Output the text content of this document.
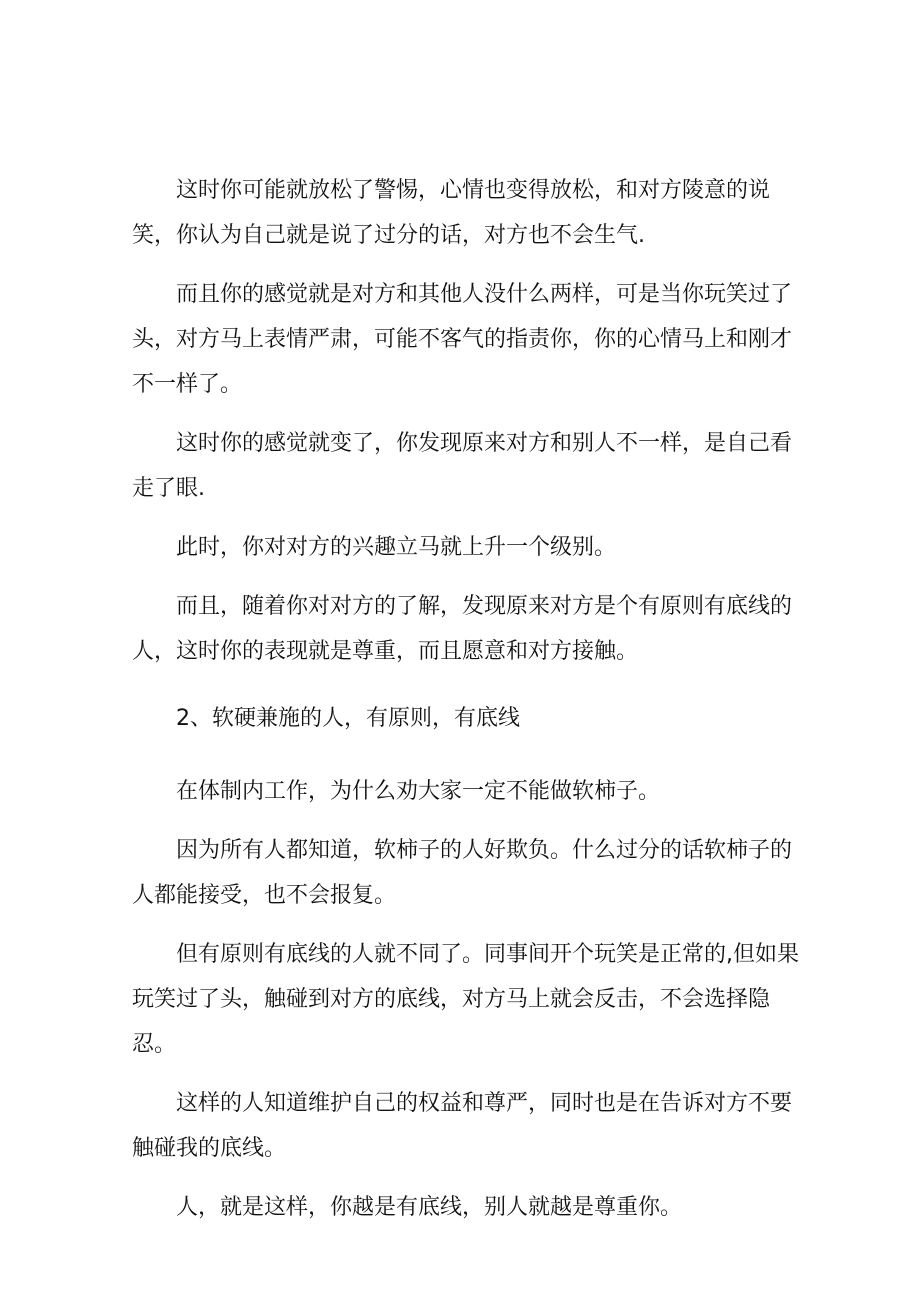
这时你可能就放松了警惕，心情也变得放松，和对方陵意的说笑，你认为自己就是说了过分的话，对方也不会生气.

而且你的感觉就是对方和其他人没什么两样，可是当你玩笑过了头，对方马上表情严肃，可能不客气的指责你，你的心情马上和刚才不一样了。

这时你的感觉就变了，你发现原来对方和别人不一样，是自己看走了眼.

此时，你对对方的兴趣立马就上升一个级别。

而且，随着你对对方的了解，发现原来对方是个有原则有底线的人，这时你的表现就是尊重，而且愿意和对方接触。

2、软硬兼施的人，有原则，有底线

在体制内工作，为什么劝大家一定不能做软柿子。

因为所有人都知道，软柿子的人好欺负。什么过分的话软柿子的人都能接受，也不会报复。

但有原则有底线的人就不同了。同事间开个玩笑是正常的,但如果玩笑过了头，触碰到对方的底线，对方马上就会反击，不会选择隐忍。

这样的人知道维护自己的权益和尊严，同时也是在告诉对方不要触碰我的底线。

人，就是这样，你越是有底线，别人就越是尊重你。
